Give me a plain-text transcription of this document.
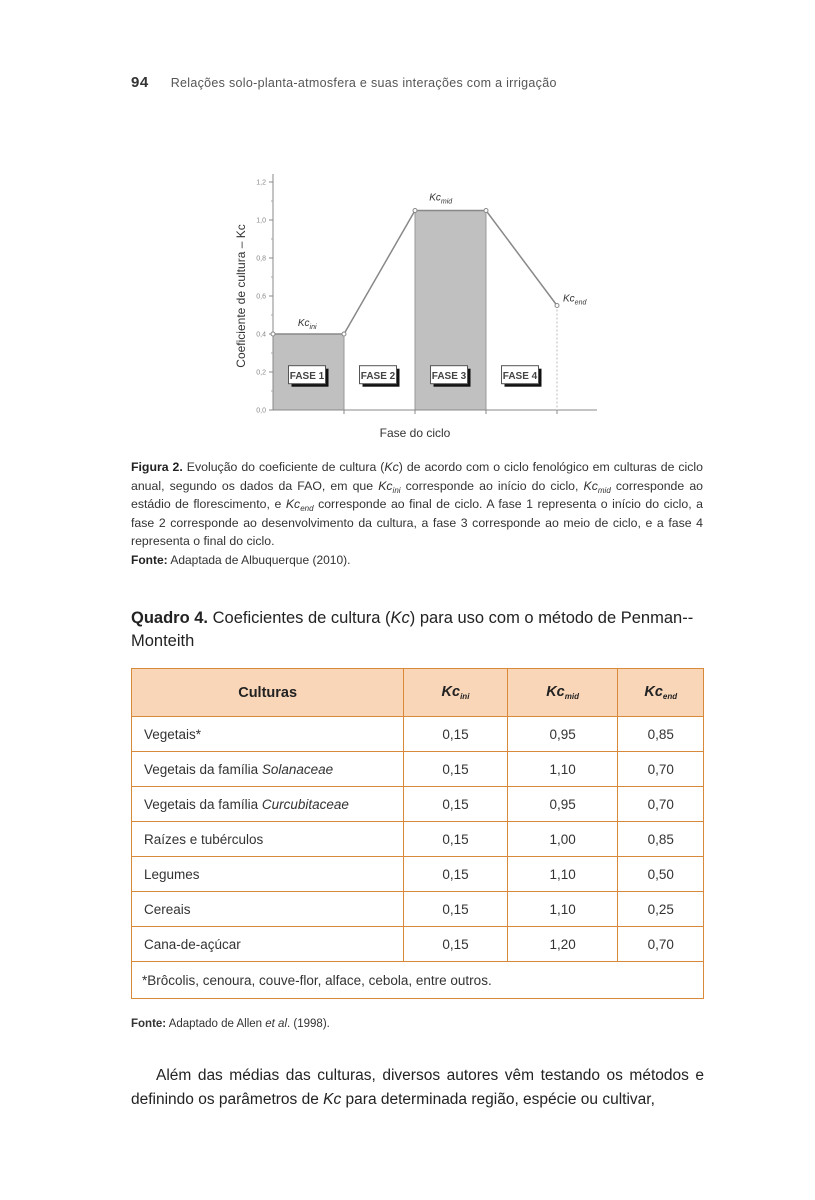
94 Relações solo-planta-atmosfera e suas interações com a irrigação
0,0
0,2
0,4
0,6
0,8
1,0
1,2
FASE 1	FASE 2	FASE 3	FASE 4
$Kc_{ini}$
$Kc_{mid}$
$Kc_{end}$
Coeficiente de cultura – Kc
Fase do ciclo
Figura 2. Evolução do coeficiente de cultura (Kc) de acordo com o ciclo fenológico em culturas de ciclo anual, segundo os dados da FAO, em que $Kc_{ini}$ corresponde ao início do ciclo, $Kc_{mid}$ corresponde ao estádio de florescimento, e $Kc_{end}$ corresponde ao final de ciclo. A fase 1 representa o início do ciclo, a fase 2 corresponde ao desenvolvimento da cultura, a fase 3 corresponde ao meio de ciclo, e a fase 4 representa o final do ciclo.
Fonte: Adaptada de Albuquerque (2010).
Quadro 4. Coeficientes de cultura (Kc) para uso com o método de Penman--Monteith
Culturas	$Kc_{ini}$	$Kc_{mid}$	$Kc_{end}$
Vegetais*	0,15	0,95	0,85
Vegetais da família Solanaceae	0,15	1,10	0,70
Vegetais da família Curcubitaceae	0,15	0,95	0,70
Raízes e tubérculos	0,15	1,00	0,85
Legumes	0,15	1,10	0,50
Cereais	0,15	1,10	0,25
Cana-de-açúcar	0,15	1,20	0,70
*Brôcolis, cenoura, couve-flor, alface, cebola, entre outros.			
Fonte: Adaptado de Allen et al. (1998).

Além das médias das culturas, diversos autores vêm testando os métodos e definindo os parâmetros de Kc para determinada região, espécie ou cultivar,
